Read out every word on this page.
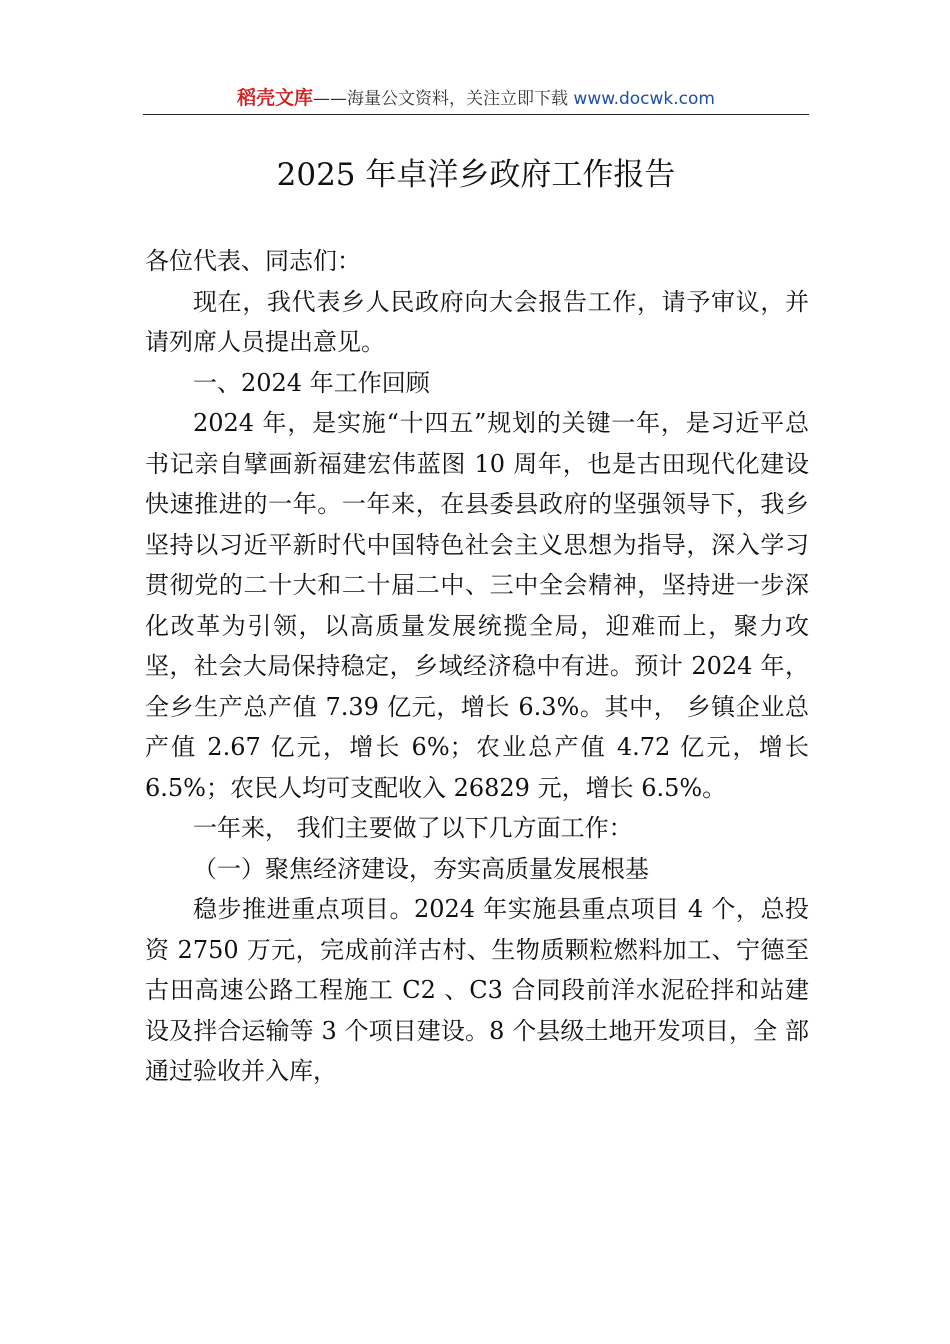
稻壳文库——海量公文资料，关注立即下载 www.docwk.com
2025 年卓洋乡政府工作报告

各位代表、同志们：

现在，我代表乡人民政府向大会报告工作，请予审议，并请列席人员提出意见。

一、2024 年工作回顾

2024 年，是实施“十四五”规划的关键一年，是习近平总书记亲自擘画新福建宏伟蓝图 10 周年，也是古田现代化建设快速推进的一年。一年来，在县委县政府的坚强领导下，我乡坚持以习近平新时代中国特色社会主义思想为指导，深入学习贯彻党的二十大和二十届二中、三中全会精神，坚持进一步深化改革为引领，以高质量发展统揽全局，迎难而上，聚力攻坚，社会大局保持稳定，乡域经济稳中有进。预计 2024 年，全乡生产总产值 7.39 亿元，增长 6.3%。其中， 乡镇企业总产值 2.67 亿元，增长 6%；农业总产值 4.72 亿元，增长 6.5%；农民人均可支配收入 26829 元，增长 6.5%。

一年来， 我们主要做了以下几方面工作：

（一）聚焦经济建设，夯实高质量发展根基

稳步推进重点项目。2024 年实施县重点项目 4 个，总投 资 2750 万元，完成前洋古村、生物质颗粒燃料加工、宁德至 古田高速公路工程施工 C2 、C3 合同段前洋水泥砼拌和站建 设及拌合运输等 3 个项目建设。8 个县级土地开发项目，全 部通过验收并入库，
